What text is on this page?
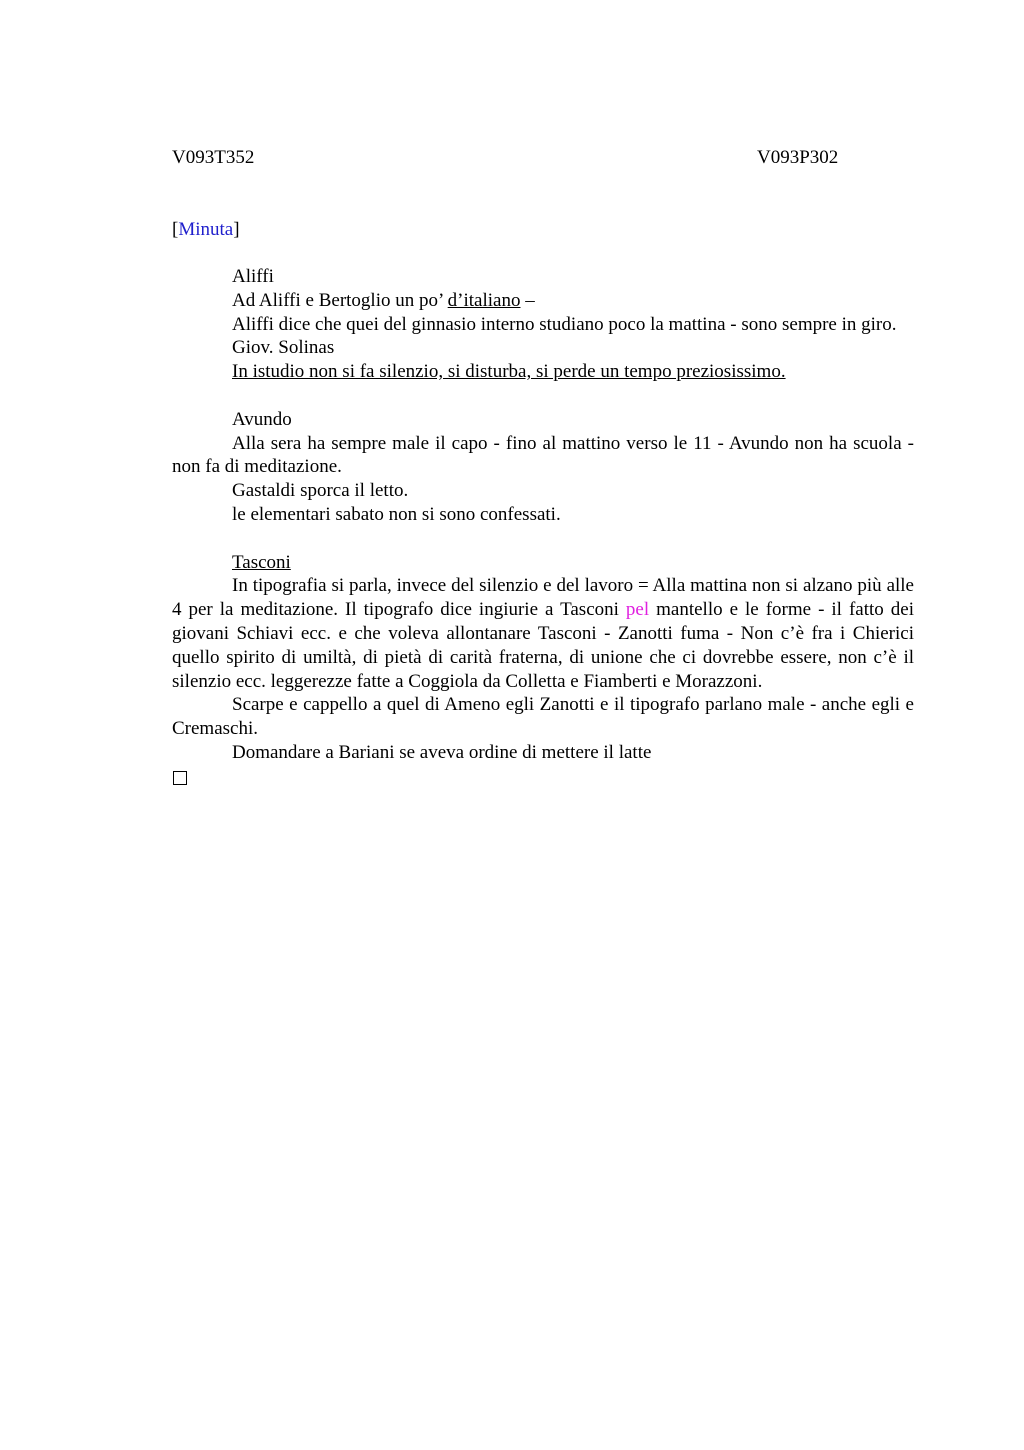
V093T352	V093P302
[Minuta]

Aliffi

Ad Aliffi e Bertoglio un po’ d’italiano –

Aliffi dice che quei del ginnasio interno studiano poco la mattina - sono sempre in giro.

Giov. Solinas

In istudio non si fa silenzio, si disturba, si perde un tempo preziosissimo.

Avundo

Alla sera ha sempre male il capo - fino al mattino verso le 11 - Avundo non ha scuola - non fa di meditazione.

Gastaldi sporca il letto.

le elementari sabato non si sono confessati.

Tasconi

In tipografia si parla, invece del silenzio e del lavoro = Alla mattina non si alzano più alle 4 per la meditazione. Il tipografo dice ingiurie a Tasconi pel mantello e le forme - il fatto dei giovani Schiavi ecc. e che voleva allontanare Tasconi - Zanotti fuma - Non c’è fra i Chierici quello spirito di umiltà, di pietà di carità fraterna, di unione che ci dovrebbe essere, non c’è il silenzio ecc. leggerezze fatte a Coggiola da Colletta e Fiamberti e Morazzoni.

Scarpe e cappello a quel di Ameno egli Zanotti e il tipografo parlano male - anche egli e Cremaschi.

Domandare a Bariani se aveva ordine di mettere il latte
